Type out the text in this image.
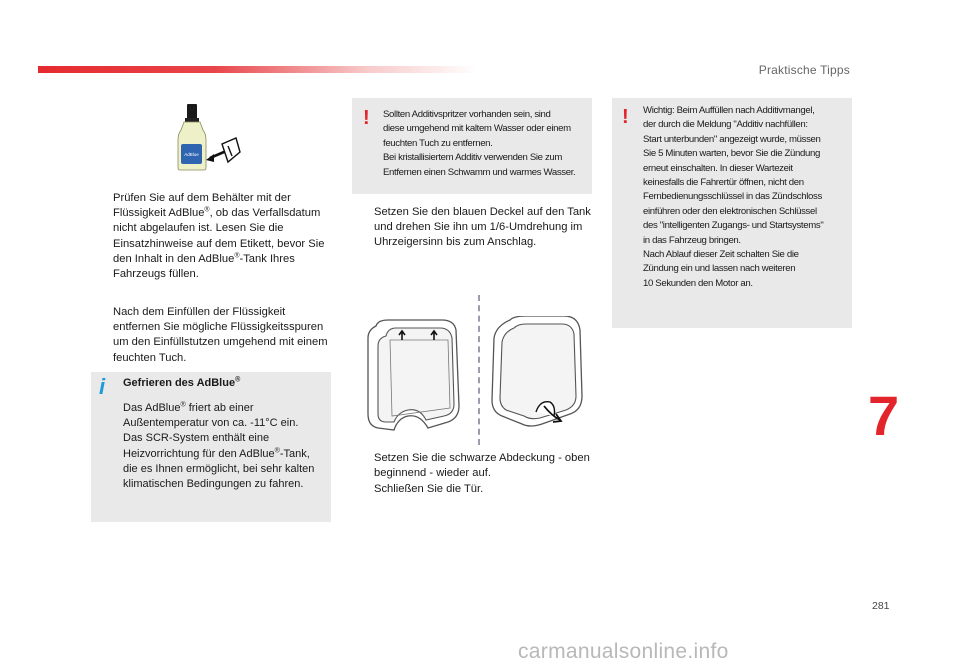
Praktische Tipps
AdBlue
Prüfen Sie auf dem Behälter mit der Flüssigkeit AdBlue®, ob das Verfallsdatum nicht abgelaufen ist. Lesen Sie die Einsatzhinweise auf dem Etikett, bevor Sie den Inhalt in den AdBlue®-Tank Ihres Fahrzeugs füllen.
Nach dem Einfüllen der Flüssigkeit entfernen Sie mögliche Flüssigkeitsspuren um den Einfüllstutzen umgehend mit einem feuchten Tuch.
i Gefrieren des AdBlue®
Das AdBlue® friert ab einer
Außentemperatur von ca. -11°C ein.
Das SCR-System enthält eine
Heizvorrichtung für den AdBlue®-Tank,
die es Ihnen ermöglicht, bei sehr kalten
klimatischen Bedingungen zu fahren.
! Sollten Additivspritzer vorhanden sein, sind
diese umgehend mit kaltem Wasser oder einem
feuchten Tuch zu entfernen.
Bei kristallisiertem Additiv verwenden Sie zum
Entfernen einen Schwamm und warmes Wasser.
Setzen Sie den blauen Deckel auf den Tank und drehen Sie ihn um 1/6-Umdrehung im Uhrzeigersinn bis zum Anschlag.
Setzen Sie die schwarze Abdeckung - oben beginnend - wieder auf.
Schließen Sie die Tür.
! Wichtig: Beim Auffüllen nach Additivmangel,
der durch die Meldung "Additiv nachfüllen:
Start unterbunden" angezeigt wurde, müssen
Sie 5 Minuten warten, bevor Sie die Zündung
erneut einschalten. In dieser Wartezeit
keinesfalls die Fahrertür öffnen, nicht den
Fernbedienungsschlüssel in das Zündschloss
einführen oder den elektronischen Schlüssel
des "intelligenten Zugangs- und Startsystems"
in das Fahrzeug bringen.
Nach Ablauf dieser Zeit schalten Sie die
Zündung ein und lassen nach weiteren
10 Sekunden den Motor an.
7
281
carmanualsonline.info
